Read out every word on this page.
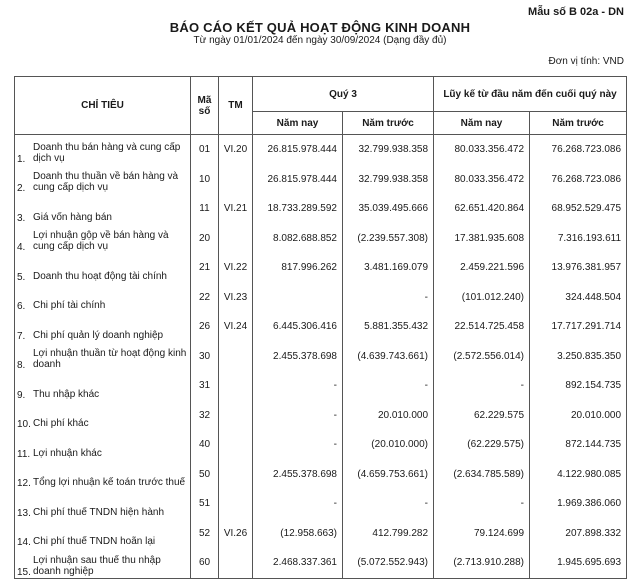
Mẫu số B 02a - DN
BÁO CÁO KẾT QUẢ HOẠT ĐỘNG KINH DOANH
Từ ngày 01/01/2024 đến ngày 30/09/2024 (Dạng đầy đủ)
Đơn vị tính: VND
CHỈ TIÊU	Mã số	TM	Quý 3		Lũy kế từ đầu năm đến cuối quý này	
			Năm nay	Năm trước	Năm nay	Năm trước

1.
Doanh thu bán hàng và cung cấp dịch vụ	01	VI.20	26.815.978.444	32.799.938.358	80.033.356.472	76.268.723.086

2.
Doanh thu thuần về bán hàng và cung cấp dịch vụ	10		26.815.978.444	32.799.938.358	80.033.356.472	76.268.723.086

3. Giá vốn hàng bán	11	VI.21	18.733.289.592	35.039.495.666	62.651.420.864	68.952.529.475

4.
Lợi nhuận gộp về bán hàng và cung cấp dịch vụ	20		8.082.688.852	(2.239.557.308)	17.381.935.608	7.316.193.611

5. Doanh thu hoạt động tài chính	21	VI.22	817.996.262	3.481.169.079	2.459.221.596	13.976.381.957

6. Chi phí tài chính	22	VI.23		-	(101.012.240)	324.448.504

7. Chi phí quản lý doanh nghiệp	26	VI.24	6.445.306.416	5.881.355.432	22.514.725.458	17.717.291.714

8.
Lợi nhuận thuần từ hoạt động kinh doanh	30		2.455.378.698	(4.639.743.661)	(2.572.556.014)	3.250.835.350

9. Thu nhập khác	31		-	-	-	892.154.735

10. Chi phí khác	32		-	20.010.000	62.229.575	20.010.000

11. Lợi nhuận khác	40		-	(20.010.000)	(62.229.575)	872.144.735

12. Tổng lợi nhuận kế toán trước thuế	50		2.455.378.698	(4.659.753.661)	(2.634.785.589)	4.122.980.085

13. Chi phí thuế TNDN hiện hành	51		-	-	-	1.969.386.060

14. Chi phí thuế TNDN hoãn lại	52	VI.26	(12.958.663)	412.799.282	79.124.699	207.898.332

15.
Lợi nhuận sau thuế thu nhập doanh nghiệp	60		2.468.337.361	(5.072.552.943)	(2.713.910.288)	1.945.695.693
